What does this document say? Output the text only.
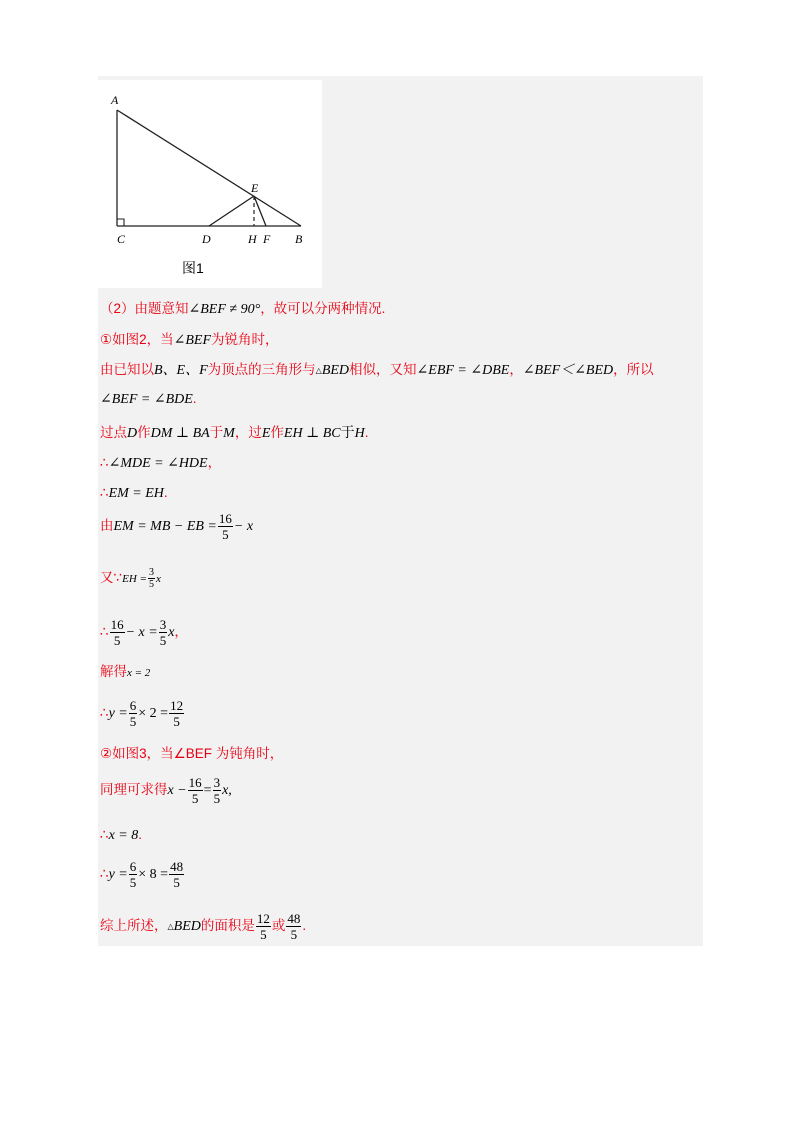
A
C	D
E
H F B
图1
（2）由题意知∠BEF ≠ 90°，故可以分两种情况.
①如图2，当∠BEF为锐角时，
由已知以B、E、F为顶点的三角形与△BED相似，又知∠EBF = ∠DBE，∠BEF＜∠BED，所以
∠BEF = ∠BDE.
过点D作DM ⊥ BA于M，过E作EH ⊥ BC于H.
∴∠MDE = ∠HDE，
∴EM = EH.
由EM = MB − EB = $\frac{16}{5} - x$
又∵EH = $\frac{3}{5}$ x
∴ $\frac{16}{5} - x = \frac{3}{5}$ x，
解得x = 2
∴y = $\frac{6}{5} \times 2 = \frac{12}{5}$
②如图3，当∠BEF 为钝角时，
同理可求得$x - \frac{16}{5} = \frac{3}{5} x$,
∴x = 8.
∴y = $\frac{6}{5} \times 8 = \frac{48}{5}$
综上所述，△BED的面积是 $\frac{12}{5}$ 或 $\frac{48}{5}$ .
